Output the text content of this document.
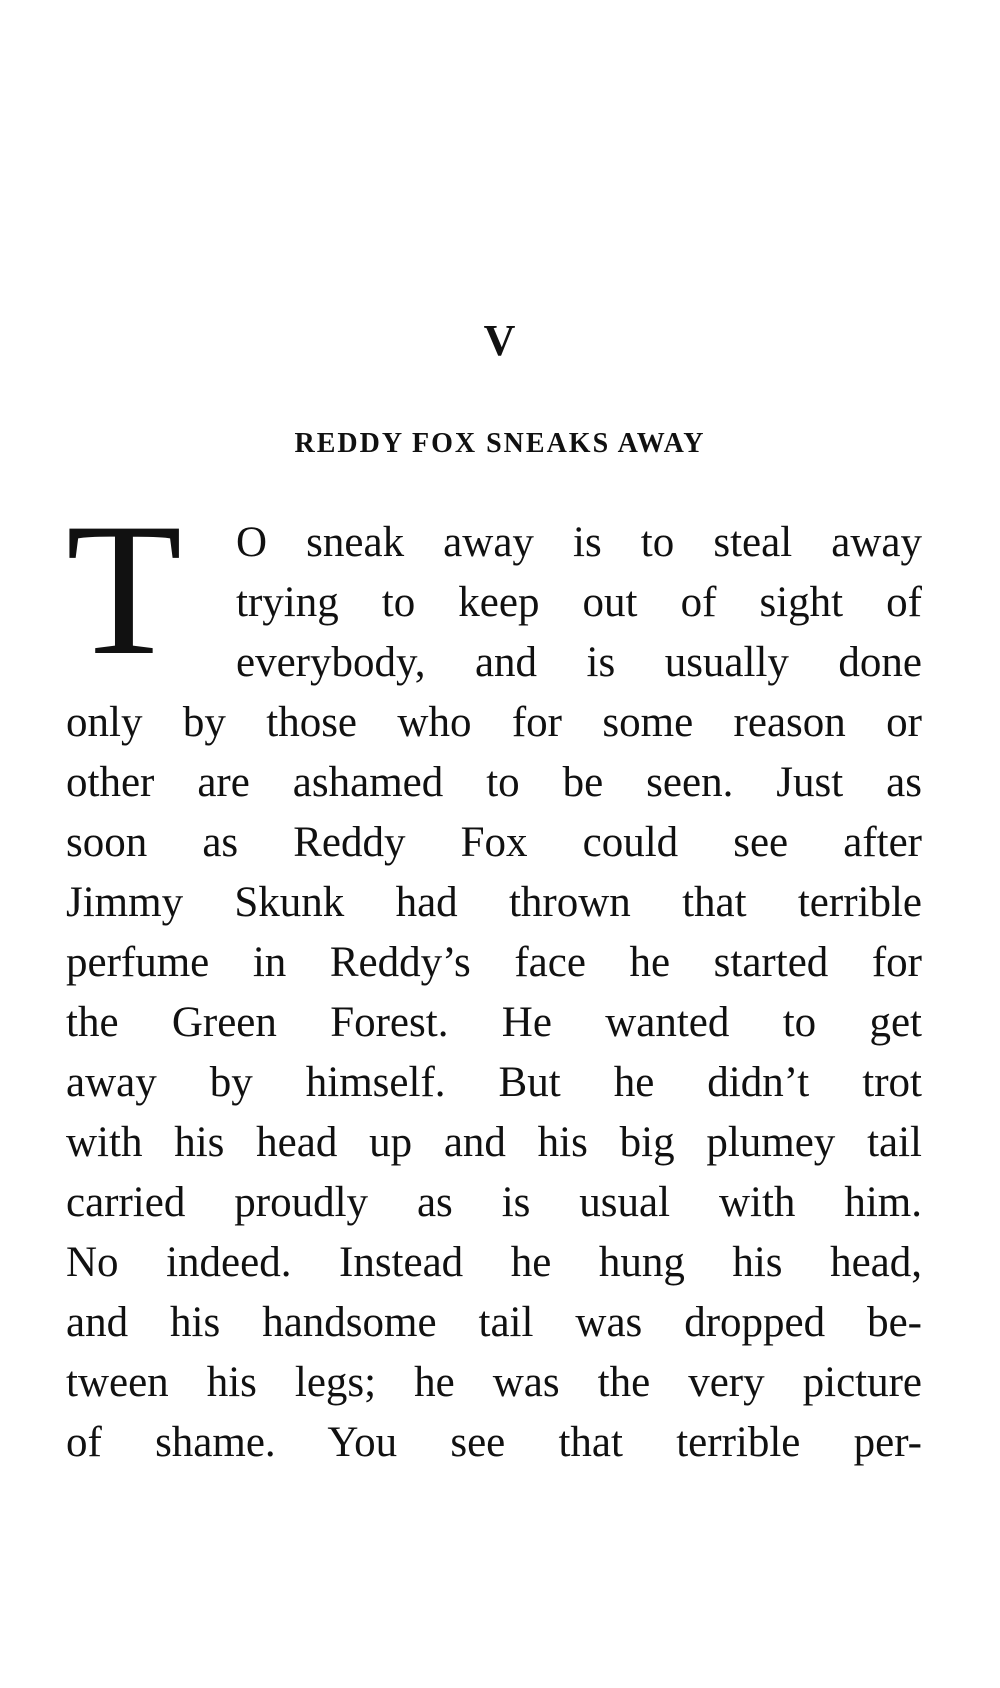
V
REDDY FOX SNEAKS AWAY
T O sneak away is to steal away
trying to keep out of sight of
everybody, and is usually done
only by those who for some reason or
other are ashamed to be seen. Just as
soon as Reddy Fox could see after
Jimmy Skunk had thrown that terrible
perfume in Reddy’s face he started for
the Green Forest. He wanted to get
away by himself. But he didn’t trot
with his head up and his big plumey tail
carried proudly as is usual with him.
No indeed. Instead he hung his head,
and his handsome tail was dropped be-
tween his legs; he was the very picture
of shame. You see that terrible per-
